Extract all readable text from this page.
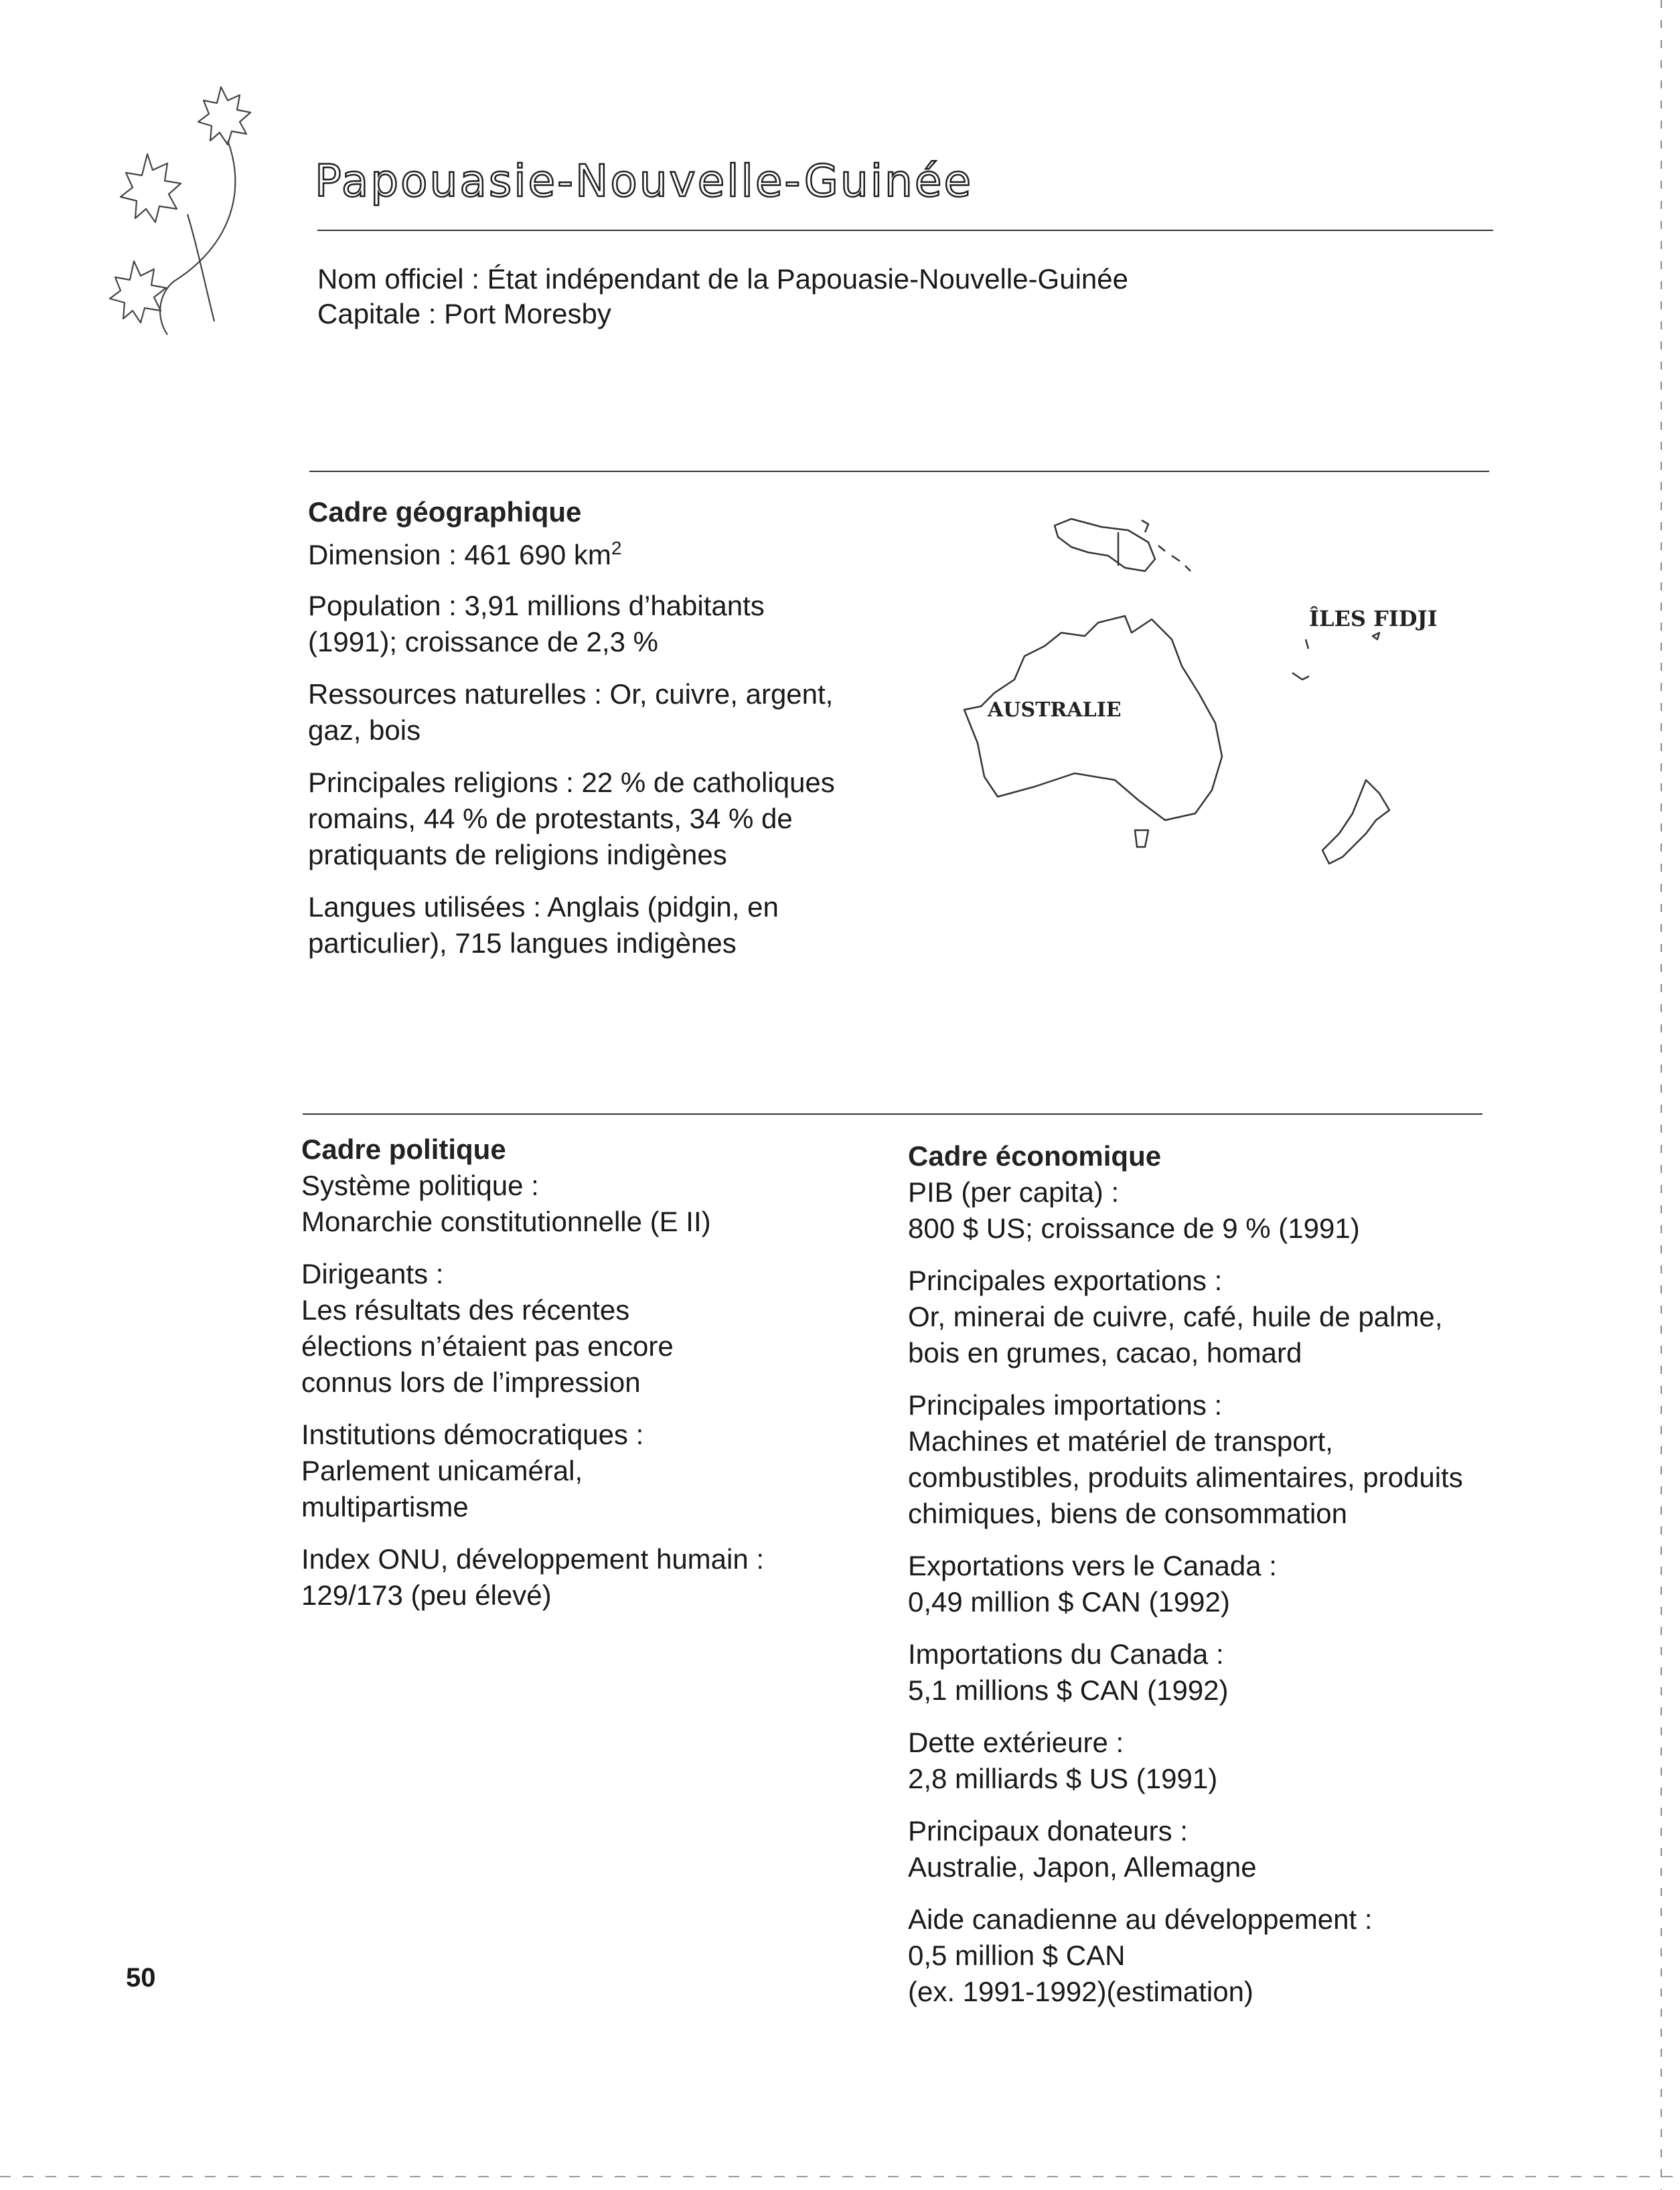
Papouasie-Nouvelle-Guinée
Nom officiel : État indépendant de la Papouasie-Nouvelle-Guinée
Capitale : Port Moresby
Cadre géographique
Dimension : 461 690 $km^2$
Population : 3,91 millions d’habitants (1991); croissance de 2,3 %
Ressources naturelles : Or, cuivre, argent, gaz, bois
Principales religions : 22 % de catholiques romains, 44 % de protestants, 34 % de pratiquants de religions indigènes
Langues utilisées : Anglais (pidgin, en particulier), 715 langues indigènes
AUSTRALIE
ÎLES FIDJI
Cadre politique
Système politique :
Monarchie constitutionnelle (E II)
Dirigeants :
Les résultats des récentes élections n’étaient pas encore connus lors de l’impression
Institutions démocratiques :
Parlement unicaméral, multipartisme
Index ONU, développement humain :
129/173 (peu élevé)
Cadre économique
PIB (per capita) :
800 $ US; croissance de 9 % (1991)
Principales exportations :
Or, minerai de cuivre, café, huile de palme, bois en grumes, cacao, homard
Principales importations :
Machines et matériel de transport, combustibles, produits alimentaires, produits chimiques, biens de consommation
Exportations vers le Canada :
0,49 million $ CAN (1992)
Importations du Canada :
5,1 millions $ CAN (1992)
Dette extérieure :
2,8 milliards $ US (1991)
Principaux donateurs :
Australie, Japon, Allemagne
Aide canadienne au développement :
0,5 million $ CAN
(ex. 1991-1992)(estimation)
50
